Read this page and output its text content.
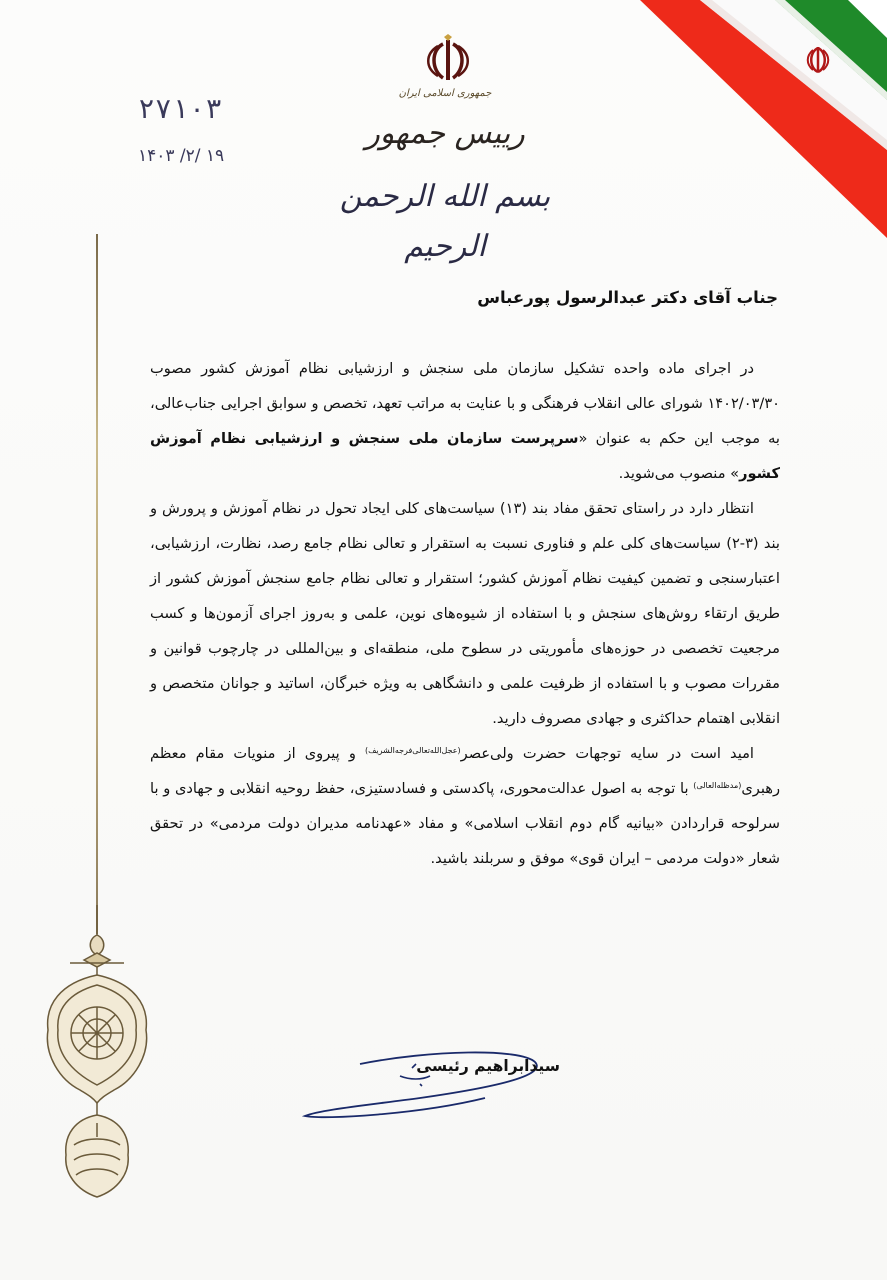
جمهوری اسلامی ایران
رییس جمهور
بسم الله الرحمن الرحیم
۲۷۱۰۳
۱۴۰۳ /۲/ ۱۹
جناب آقای دکتر عبدالرسول پورعباس

در اجرای ماده واحده تشکیل سازمان ملی سنجش و ارزشیابی نظام آموزش کشور مصوب ۱۴۰۲/۰۳/۳۰ شورای عالی انقلاب فرهنگی و با عنایت به مراتب تعهد، تخصص و سوابق اجرایی جناب‌عالی، به موجب این حکم به عنوان «سرپرست سازمان ملی سنجش و ارزشیابی نظام آموزش کشور» منصوب می‌شوید.

انتظار دارد در راستای تحقق مفاد بند (۱۳) سیاست‌های کلی ایجاد تحول در نظام آموزش و پرورش و بند (۳-۲) سیاست‌های کلی علم و فناوری نسبت به استقرار و تعالی نظام جامع رصد، نظارت، ارزشیابی، اعتبارسنجی و تضمین کیفیت نظام آموزش کشور؛ استقرار و تعالی نظام جامع سنجش آموزش کشور از طریق ارتقاء روش‌های سنجش و با استفاده از شیوه‌های نوین، علمی و به‌روز اجرای آزمون‌ها و کسب مرجعیت تخصصی در حوزه‌های مأموریتی در سطوح ملی، منطقه‌ای و بین‌المللی در چارچوب قوانین و مقررات مصوب و با استفاده از ظرفیت علمی و دانشگاهی به ویژه خبرگان، اساتید و جوانان متخصص و انقلابی اهتمام حداکثری و جهادی مصروف دارید.

امید است در سایه توجهات حضرت ولی‌عصر$^{(عجل‌الله‌تعالی‌فرجه‌الشریف)}$ و پیروی از منویات مقام معظم رهبری$^{(مدظله‌العالی)}$ با توجه به اصول عدالت‌محوری، پاکدستی و فسادستیزی، حفظ روحیه انقلابی و جهادی و با سرلوحه قراردادن «بیانیه گام دوم انقلاب اسلامی» و مفاد «عهدنامه مدیران دولت مردمی» در تحقق شعار «دولت مردمی – ایران قوی» موفق و سربلند باشید.

سیدابراهیم رئیسی
